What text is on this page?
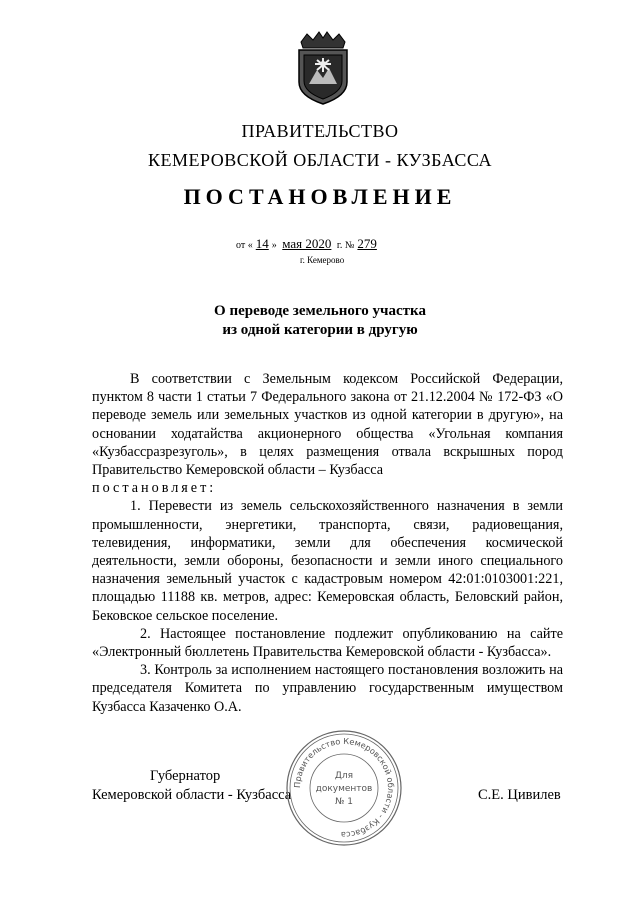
ПРАВИТЕЛЬСТВО
КЕМЕРОВСКОЙ ОБЛАСТИ - КУЗБАССА
ПОСТАНОВЛЕНИЕ
от « 14 » мая 2020 г. № 279
г. Кемерово
О переводе земельного участка
из одной категории в другую

В соответствии с Земельным кодексом Российской Федерации, пунктом 8 части 1 статьи 7 Федерального закона от 21.12.2004 № 172-ФЗ «О переводе земель или земельных участков из одной категории в другую», на основании ходатайства акционерного общества «Угольная компания «Кузбассразрезуголь», в целях размещения отвала вскрышных пород Правительство Кемеровской области – Кузбасса

постановляет:

1. Перевести из земель сельскохозяйственного назначения в земли промышленности, энергетики, транспорта, связи, радиовещания, телевидения, информатики, земли для обеспечения космической деятельности, земли обороны, безопасности и земли иного специального назначения земельный участок с кадастровым номером 42:01:0103001:221, площадью 11188 кв. метров, адрес: Кемеровская область, Беловский район, Бековское сельское поселение.

2. Настоящее постановление подлежит опубликованию на сайте «Электронный бюллетень Правительства Кемеровской области - Кузбасса».

3. Контроль за исполнением настоящего постановления возложить на председателя Комитета по управлению государственным имуществом Кузбасса Казаченко О.А.

Губернатор
Кемеровской области - Кузбасса	С.Е. Цивилев
Правительство Кемеровской области - Кузбасса
Для
документов
№ 1
